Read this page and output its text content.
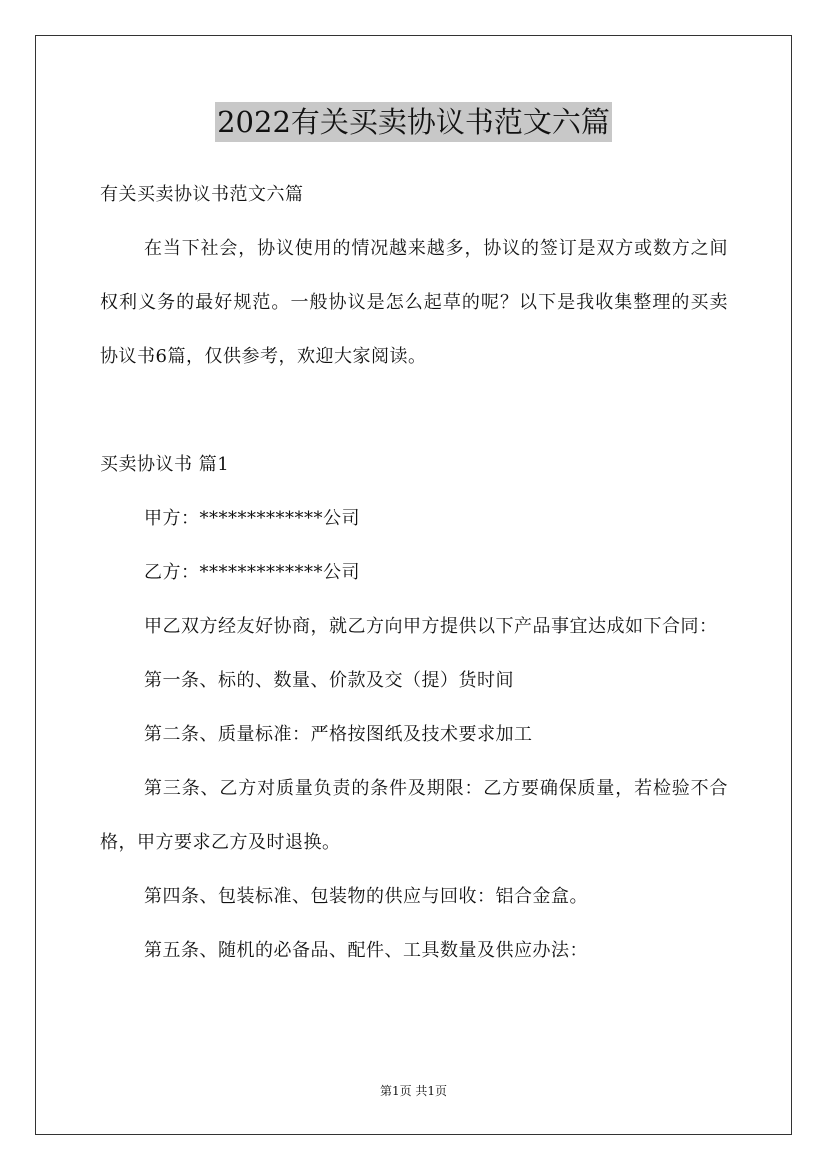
2022有关买卖协议书范文六篇

有关买卖协议书范文六篇

在当下社会，协议使用的情况越来越多，协议的签订是双方或数方之间权利义务的最好规范。一般协议是怎么起草的呢？以下是我收集整理的买卖协议书6篇，仅供参考，欢迎大家阅读。

买卖协议书 篇1

甲方：*************公司

乙方：*************公司

甲乙双方经友好协商，就乙方向甲方提供以下产品事宜达成如下合同：

第一条、标的、数量、价款及交（提）货时间

第二条、质量标准：严格按图纸及技术要求加工

第三条、乙方对质量负责的条件及期限：乙方要确保质量，若检验不合格，甲方要求乙方及时退换。

第四条、包装标准、包装物的供应与回收：铝合金盒。

第五条、随机的必备品、配件、工具数量及供应办法：

第1页 共1页
